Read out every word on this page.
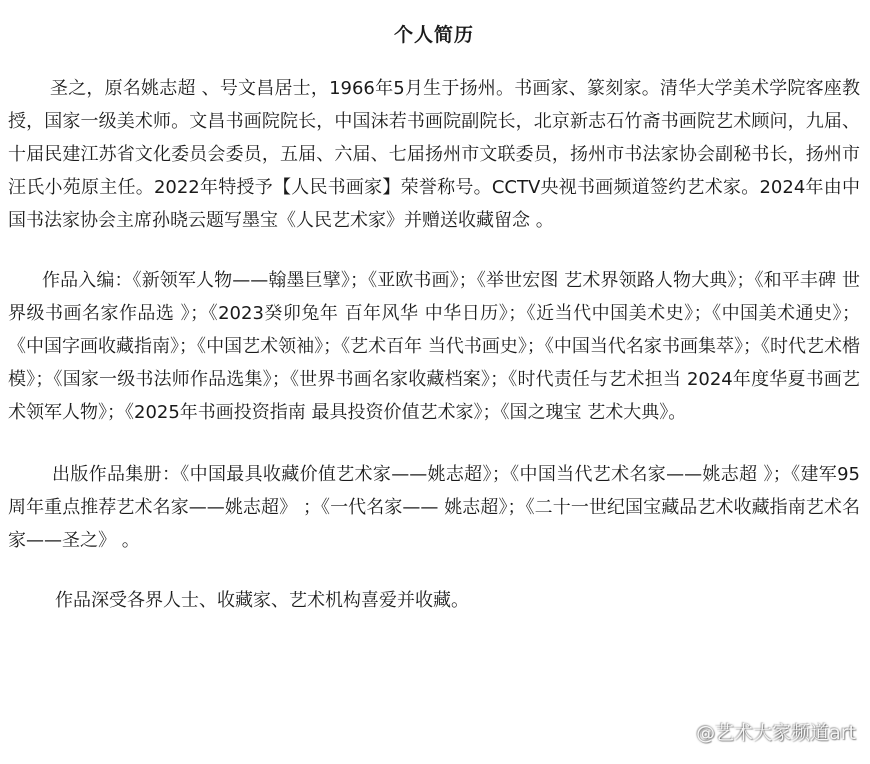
个人简历

圣之，原名姚志超 、号文昌居士，1966年5月生于扬州。书画家、篆刻家。清华大学美术学院客座教授，国家一级美术师。文昌书画院院长，中国沫若书画院副院长，北京新志石竹斋书画院艺术顾问，九届、十届民建江苏省文化委员会委员，五届、六届、七届扬州市文联委员，扬州市书法家协会副秘书长，扬州市汪氏小苑原主任。2022年特授予【人民书画家】荣誉称号。CCTV央视书画频道签约艺术家。2024年由中国书法家协会主席孙晓云题写墨宝《人民艺术家》并赠送收藏留念 。

作品入编：《新领军人物——翰墨巨擘》；《亚欧书画》；《举世宏图 艺术界领路人物大典》；《和平丰碑 世界级书画名家作品选 》；《2023癸卯兔年 百年风华 中华日历》；《近当代中国美术史》；《中国美术通史》；《中国字画收藏指南》；《中国艺术领袖》；《艺术百年 当代书画史》；《中国当代名家书画集萃》；《时代艺术楷模》；《国家一级书法师作品选集》；《世界书画名家收藏档案》；《时代责任与艺术担当 2024年度华夏书画艺术领军人物》；《2025年书画投资指南 最具投资价值艺术家》；《国之瑰宝 艺术大典》。

出版作品集册：《中国最具收藏价值艺术家——姚志超》；《中国当代艺术名家——姚志超 》；《建军95周年重点推荐艺术名家——姚志超》 ；《一代名家—— 姚志超》；《二十一世纪国宝藏品艺术收藏指南艺术名家——圣之》 。

作品深受各界人士、收藏家、艺术机构喜爱并收藏。

@艺术大家频道art
